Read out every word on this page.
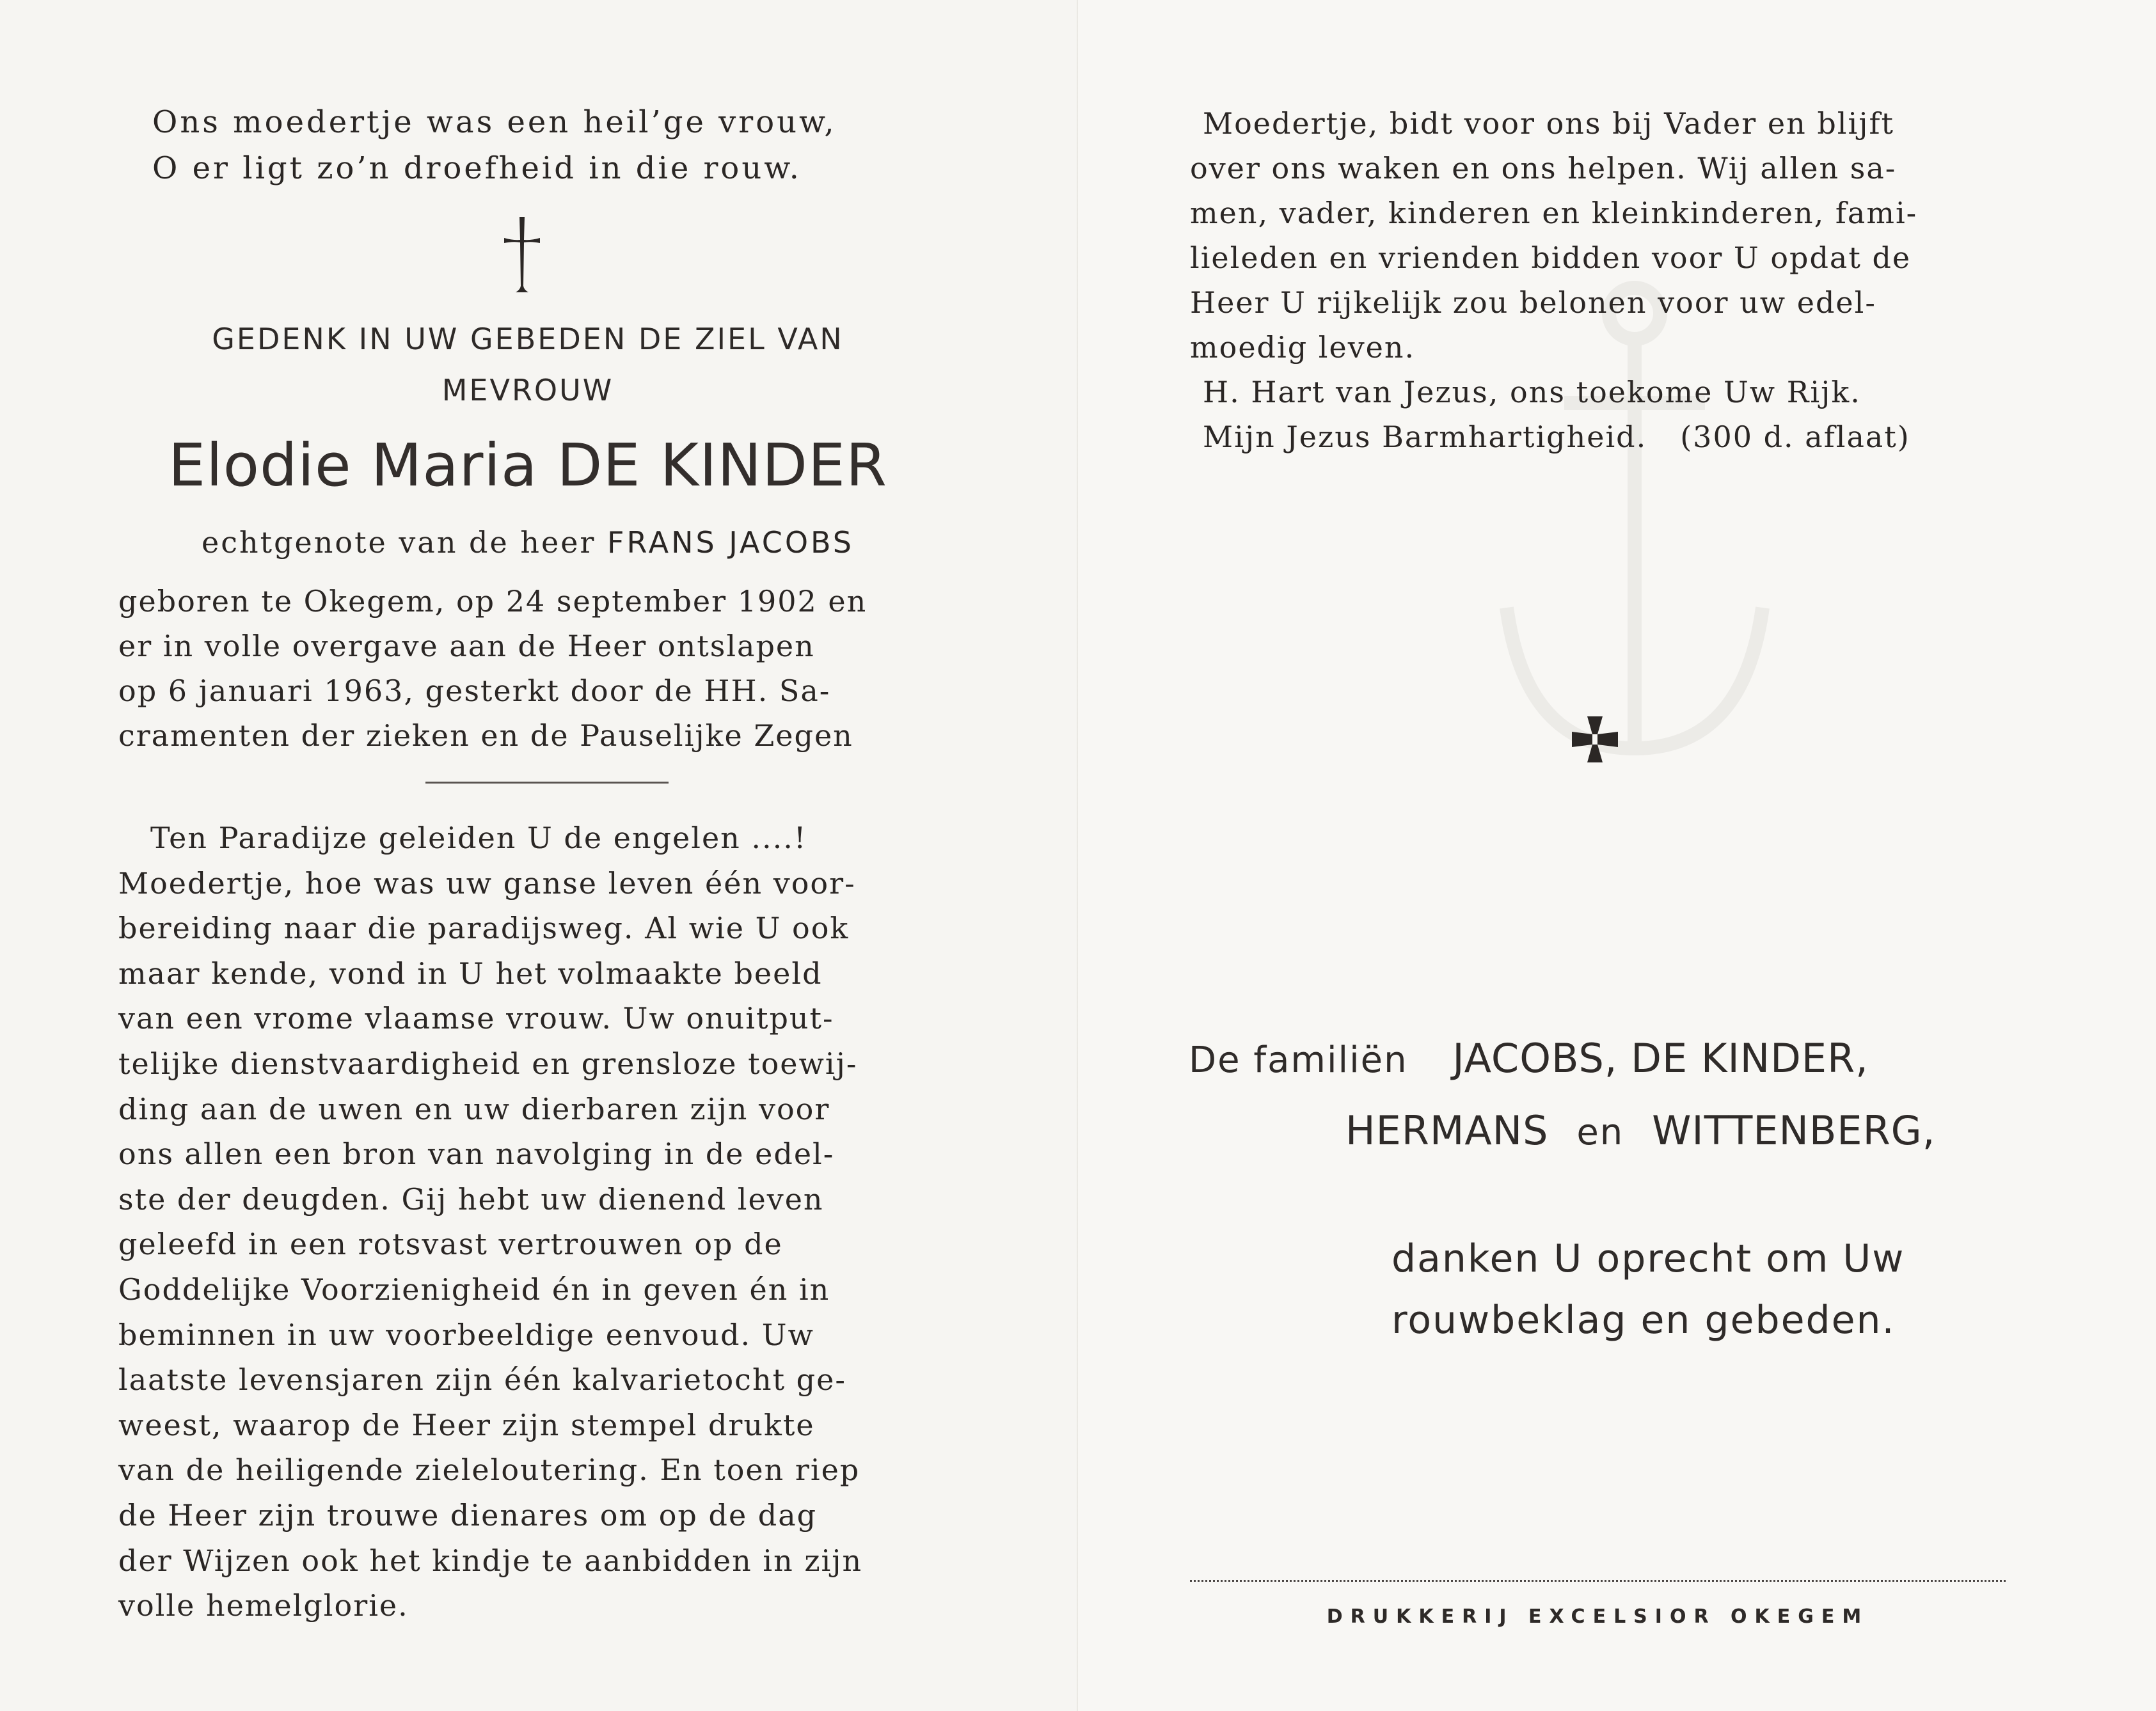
Ons moedertje was een heil’ge vrouw,
O er ligt zo’n droefheid in die rouw.
GEDENK IN UW GEBEDEN DE ZIEL VAN
MEVROUW
Elodie Maria DE KINDER
echtgenote van de heer FRANS JACOBS
geboren te Okegem, op 24 september 1902 en
er in volle overgave aan de Heer ontslapen
op 6 januari 1963, gesterkt door de HH. Sa-
cramenten der zieken en de Pauselijke Zegen
Ten Paradijze geleiden U de engelen ....!
Moedertje, hoe was uw ganse leven één voor-
bereiding naar die paradijsweg. Al wie U ook
maar kende, vond in U het volmaakte beeld
van een vrome vlaamse vrouw. Uw onuitput-
telijke dienstvaardigheid en grensloze toewij-
ding aan de uwen en uw dierbaren zijn voor
ons allen een bron van navolging in de edel-
ste der deugden. Gij hebt uw dienend leven
geleefd in een rotsvast vertrouwen op de
Goddelijke Voorzienigheid én in geven én in
beminnen in uw voorbeeldige eenvoud. Uw
laatste levensjaren zijn één kalvarietocht ge-
weest, waarop de Heer zijn stempel drukte
van de heiligende zieleloutering. En toen riep
de Heer zijn trouwe dienares om op de dag
der Wijzen ook het kindje te aanbidden in zijn
volle hemelglorie.
Moedertje, bidt voor ons bij Vader en blijft
over ons waken en ons helpen. Wij allen sa-
men, vader, kinderen en kleinkinderen, fami-
lieleden en vrienden bidden voor U opdat de
Heer U rijkelijk zou belonen voor uw edel-
moedig leven.
H. Hart van Jezus, ons toekome Uw Rijk.
Mijn Jezus Barmhartigheid. (300 d. aflaat)
De familiën JACOBS, DE KINDER,
HERMANS en WITTENBERG,
danken U oprecht om Uw
rouwbeklag en gebeden.
DRUKKERIJ EXCELSIOR OKEGEM
